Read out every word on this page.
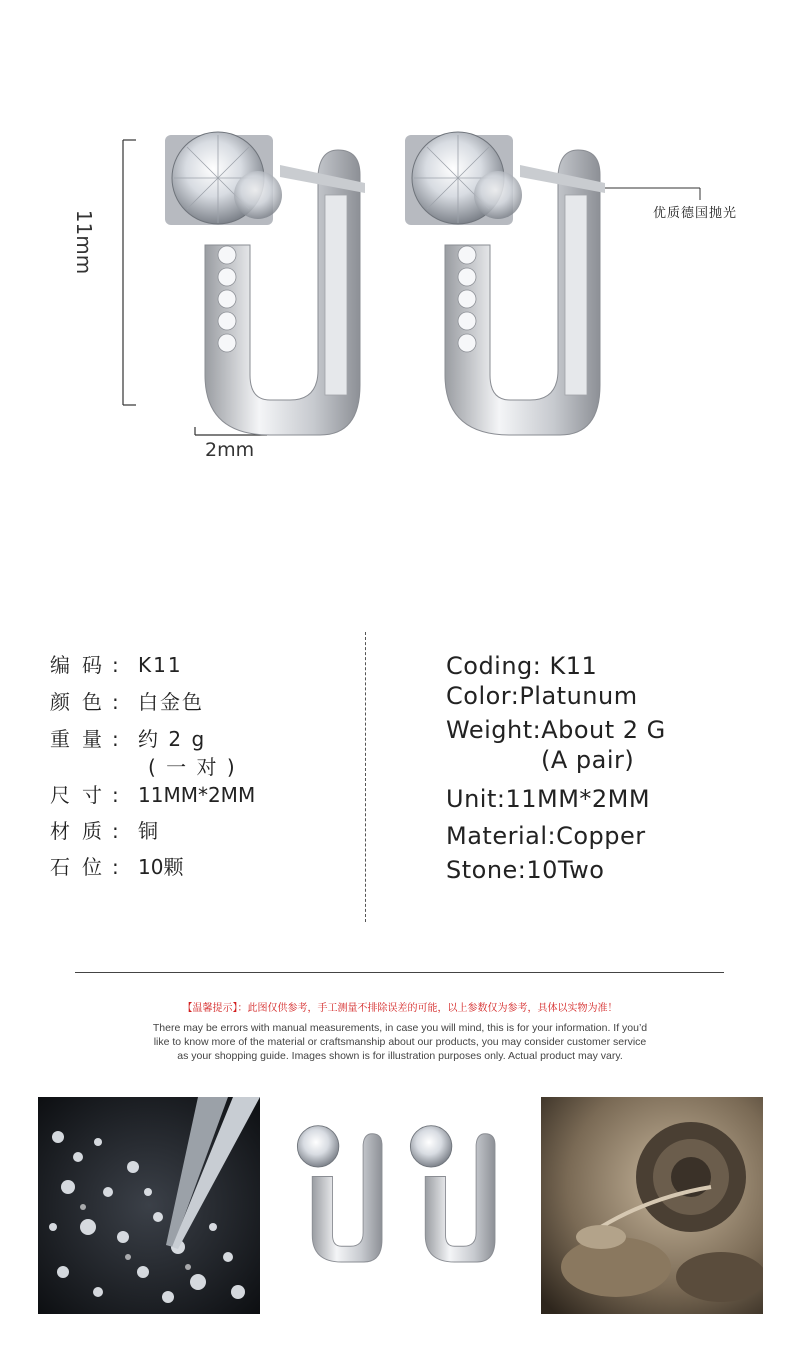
11mm
2mm
优质德国抛光
编码: K11
颜色: 白金色
重量: 约 2 g
( 一 对 )
尺寸: 11MM*2MM
材质: 铜
石位: 10颗
Coding: K11
Color:Platunum
Weight:About 2 G
(A pair)
Unit:11MM*2MM
Material:Copper
Stone:10Two
【温馨提示】：此图仅供参考，手工测量不排除误差的可能，以上参数仅为参考，具体以实物为准！
There may be errors with manual measurements, in case you will mind, this is for your information. If you’d
like to know more of the material or craftsmanship about our products, you may consider customer service
as your shopping guide. Images shown is for illustration purposes only. Actual product may vary.
